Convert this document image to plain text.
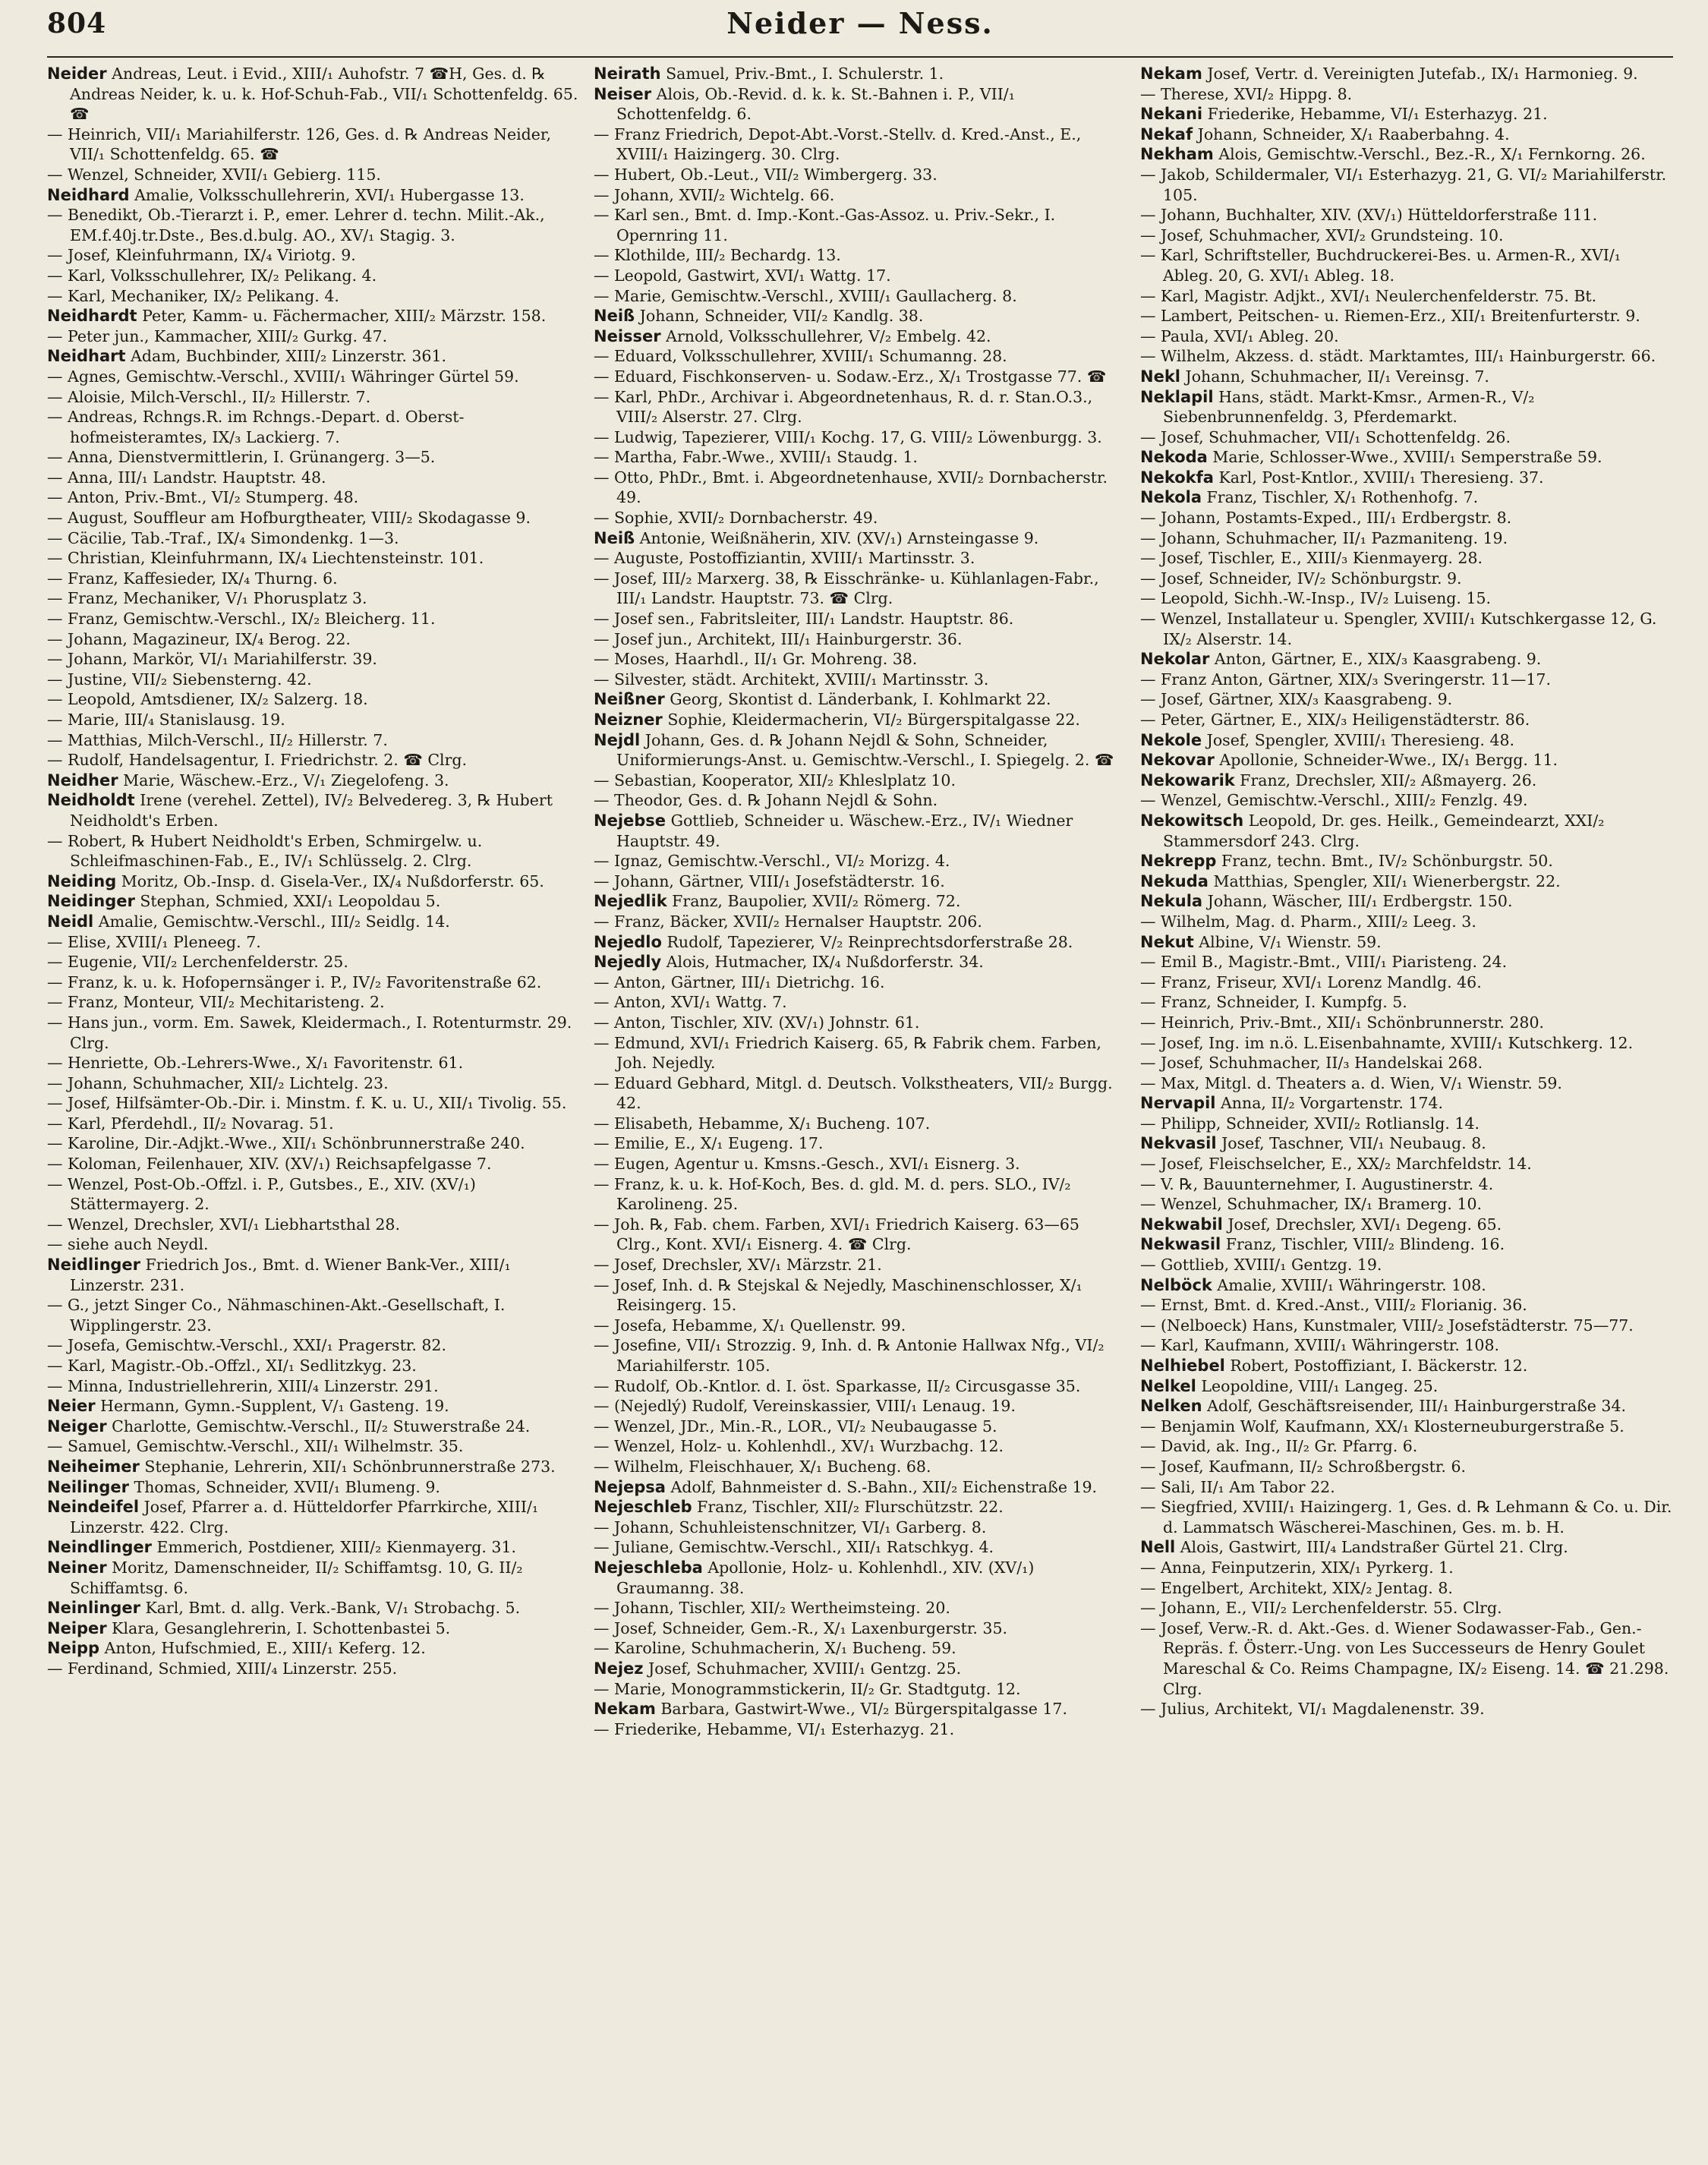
804	Neider — Ness.

Neider Andreas, Leut. i Evid., XIII/₁ Auhofstr. 7 ☎H, Ges. d. ℞ Andreas Neider, k. u. k. Hof-Schuh-Fab., VII/₁ Schottenfeldg. 65. ☎

— Heinrich, VII/₁ Mariahilferstr. 126, Ges. d. ℞ Andreas Neider, VII/₁ Schottenfeldg. 65. ☎

— Wenzel, Schneider, XVII/₁ Gebierg. 115.

Neidhard Amalie, Volksschullehrerin, XVI/₁ Hubergasse 13.

— Benedikt, Ob.-Tierarzt i. P., emer. Lehrer d. techn. Milit.-Ak., EM.f.40j.tr.Dste., Bes.d.bulg. AO., XV/₁ Stagig. 3.

— Josef, Kleinfuhrmann, IX/₄ Viriotg. 9.

— Karl, Volksschullehrer, IX/₂ Pelikang. 4.

— Karl, Mechaniker, IX/₂ Pelikang. 4.

Neidhardt Peter, Kamm- u. Fächermacher, XIII/₂ Märzstr. 158.

— Peter jun., Kammacher, XIII/₂ Gurkg. 47.

Neidhart Adam, Buchbinder, XIII/₂ Linzerstr. 361.

— Agnes, Gemischtw.-Verschl., XVIII/₁ Währinger Gürtel 59.

— Aloisie, Milch-Verschl., II/₂ Hillerstr. 7.

— Andreas, Rchngs.R. im Rchngs.-Depart. d. Oberst-hofmeisteramtes, IX/₃ Lackierg. 7.

— Anna, Dienstvermittlerin, I. Grünangerg. 3—5.

— Anna, III/₁ Landstr. Hauptstr. 48.

— Anton, Priv.-Bmt., VI/₂ Stumperg. 48.

— August, Souffleur am Hofburgtheater, VIII/₂ Skodagasse 9.

— Cäcilie, Tab.-Traf., IX/₄ Simondenkg. 1—3.

— Christian, Kleinfuhrmann, IX/₄ Liechtensteinstr. 101.

— Franz, Kaffesieder, IX/₄ Thurng. 6.

— Franz, Mechaniker, V/₁ Phorusplatz 3.

— Franz, Gemischtw.-Verschl., IX/₂ Bleicherg. 11.

— Johann, Magazineur, IX/₄ Berog. 22.

— Johann, Markör, VI/₁ Mariahilferstr. 39.

— Justine, VII/₂ Siebensterng. 42.

— Leopold, Amtsdiener, IX/₂ Salzerg. 18.

— Marie, III/₄ Stanislausg. 19.

— Matthias, Milch-Verschl., II/₂ Hillerstr. 7.

— Rudolf, Handelsagentur, I. Friedrichstr. 2. ☎ Clrg.

Neidher Marie, Wäschew.-Erz., V/₁ Ziegelofeng. 3.

Neidholdt Irene (verehel. Zettel), IV/₂ Belvedereg. 3, ℞ Hubert Neidholdt's Erben.

— Robert, ℞ Hubert Neidholdt's Erben, Schmirgelw. u. Schleifmaschinen-Fab., E., IV/₁ Schlüsselg. 2. Clrg.

Neiding Moritz, Ob.-Insp. d. Gisela-Ver., IX/₄ Nußdorferstr. 65.

Neidinger Stephan, Schmied, XXI/₁ Leopoldau 5.

Neidl Amalie, Gemischtw.-Verschl., III/₂ Seidlg. 14.

— Elise, XVIII/₁ Pleneeg. 7.

— Eugenie, VII/₂ Lerchenfelderstr. 25.

— Franz, k. u. k. Hofopernsänger i. P., IV/₂ Favoritenstraße 62.

— Franz, Monteur, VII/₂ Mechitaristeng. 2.

— Hans jun., vorm. Em. Sawek, Kleidermach., I. Rotenturmstr. 29. Clrg.

— Henriette, Ob.-Lehrers-Wwe., X/₁ Favoritenstr. 61.

— Johann, Schuhmacher, XII/₂ Lichtelg. 23.

— Josef, Hilfsämter-Ob.-Dir. i. Minstm. f. K. u. U., XII/₁ Tivolig. 55.

— Karl, Pferdehdl., II/₂ Novarag. 51.

— Karoline, Dir.-Adjkt.-Wwe., XII/₁ Schönbrunnerstraße 240.

— Koloman, Feilenhauer, XIV. (XV/₁) Reichsapfelgasse 7.

— Wenzel, Post-Ob.-Offzl. i. P., Gutsbes., E., XIV. (XV/₁) Stättermayerg. 2.

— Wenzel, Drechsler, XVI/₁ Liebhartsthal 28.

— siehe auch Neydl.

Neidlinger Friedrich Jos., Bmt. d. Wiener Bank-Ver., XIII/₁ Linzerstr. 231.

— G., jetzt Singer Co., Nähmaschinen-Akt.-Gesellschaft, I. Wipplingerstr. 23.

— Josefa, Gemischtw.-Verschl., XXI/₁ Pragerstr. 82.

— Karl, Magistr.-Ob.-Offzl., XI/₁ Sedlitzkyg. 23.

— Minna, Industriellehrerin, XIII/₄ Linzerstr. 291.

Neier Hermann, Gymn.-Supplent, V/₁ Gasteng. 19.

Neiger Charlotte, Gemischtw.-Verschl., II/₂ Stuwerstraße 24.

— Samuel, Gemischtw.-Verschl., XII/₁ Wilhelmstr. 35.

Neiheimer Stephanie, Lehrerin, XII/₁ Schönbrunnerstraße 273.

Neilinger Thomas, Schneider, XVII/₁ Blumeng. 9.

Neindeifel Josef, Pfarrer a. d. Hütteldorfer Pfarrkirche, XIII/₁ Linzerstr. 422. Clrg.

Neindlinger Emmerich, Postdiener, XIII/₂ Kienmayerg. 31.

Neiner Moritz, Damenschneider, II/₂ Schiffamtsg. 10, G. II/₂ Schiffamtsg. 6.

Neinlinger Karl, Bmt. d. allg. Verk.-Bank, V/₁ Strobachg. 5.

Neiper Klara, Gesanglehrerin, I. Schottenbastei 5.

Neipp Anton, Hufschmied, E., XIII/₁ Keferg. 12.

— Ferdinand, Schmied, XIII/₄ Linzerstr. 255.

Neirath Samuel, Priv.-Bmt., I. Schulerstr. 1.

Neiser Alois, Ob.-Revid. d. k. k. St.-Bahnen i. P., VII/₁ Schottenfeldg. 6.

— Franz Friedrich, Depot-Abt.-Vorst.-Stellv. d. Kred.-Anst., E., XVIII/₁ Haizingerg. 30. Clrg.

— Hubert, Ob.-Leut., VII/₂ Wimbergerg. 33.

— Johann, XVII/₂ Wichtelg. 66.

— Karl sen., Bmt. d. Imp.-Kont.-Gas-Assoz. u. Priv.-Sekr., I. Opernring 11.

— Klothilde, III/₂ Bechardg. 13.

— Leopold, Gastwirt, XVI/₁ Wattg. 17.

— Marie, Gemischtw.-Verschl., XVIII/₁ Gaullacherg. 8.

Neiß Johann, Schneider, VII/₂ Kandlg. 38.

Neisser Arnold, Volksschullehrer, V/₂ Embelg. 42.

— Eduard, Volksschullehrer, XVIII/₁ Schumanng. 28.

— Eduard, Fischkonserven- u. Sodaw.-Erz., X/₁ Trostgasse 77. ☎

— Karl, PhDr., Archivar i. Abgeordnetenhaus, R. d. r. Stan.O.3., VIII/₂ Alserstr. 27. Clrg.

— Ludwig, Tapezierer, VIII/₁ Kochg. 17, G. VIII/₂ Löwenburgg. 3.

— Martha, Fabr.-Wwe., XVIII/₁ Staudg. 1.

— Otto, PhDr., Bmt. i. Abgeordnetenhause, XVII/₂ Dornbacherstr. 49.

— Sophie, XVII/₂ Dornbacherstr. 49.

Neiß Antonie, Weißnäherin, XIV. (XV/₁) Arnsteingasse 9.

— Auguste, Postoffiziantin, XVIII/₁ Martinsstr. 3.

— Josef, III/₂ Marxerg. 38, ℞ Eisschränke- u. Kühlanlagen-Fabr., III/₁ Landstr. Hauptstr. 73. ☎ Clrg.

— Josef sen., Fabritsleiter, III/₁ Landstr. Hauptstr. 86.

— Josef jun., Architekt, III/₁ Hainburgerstr. 36.

— Moses, Haarhdl., II/₁ Gr. Mohreng. 38.

— Silvester, städt. Architekt, XVIII/₁ Martinsstr. 3.

Neißner Georg, Skontist d. Länderbank, I. Kohlmarkt 22.

Neizner Sophie, Kleidermacherin, VI/₂ Bürgerspitalgasse 22.

Nejdl Johann, Ges. d. ℞ Johann Nejdl & Sohn, Schneider, Uniformierungs-Anst. u. Gemischtw.-Verschl., I. Spiegelg. 2. ☎

— Sebastian, Kooperator, XII/₂ Khleslplatz 10.

— Theodor, Ges. d. ℞ Johann Nejdl & Sohn.

Nejebse Gottlieb, Schneider u. Wäschew.-Erz., IV/₁ Wiedner Hauptstr. 49.

— Ignaz, Gemischtw.-Verschl., VI/₂ Morizg. 4.

— Johann, Gärtner, VIII/₁ Josefstädterstr. 16.

Nejedlik Franz, Baupolier, XVII/₂ Römerg. 72.

— Franz, Bäcker, XVII/₂ Hernalser Hauptstr. 206.

Nejedlo Rudolf, Tapezierer, V/₂ Reinprechtsdorferstraße 28.

Nejedly Alois, Hutmacher, IX/₄ Nußdorferstr. 34.

— Anton, Gärtner, III/₁ Dietrichg. 16.

— Anton, XVI/₁ Wattg. 7.

— Anton, Tischler, XIV. (XV/₁) Johnstr. 61.

— Edmund, XVI/₁ Friedrich Kaiserg. 65, ℞ Fabrik chem. Farben, Joh. Nejedly.

— Eduard Gebhard, Mitgl. d. Deutsch. Volkstheaters, VII/₂ Burgg. 42.

— Elisabeth, Hebamme, X/₁ Bucheng. 107.

— Emilie, E., X/₁ Eugeng. 17.

— Eugen, Agentur u. Kmsns.-Gesch., XVI/₁ Eisnerg. 3.

— Franz, k. u. k. Hof-Koch, Bes. d. gld. M. d. pers. SLO., IV/₂ Karolineng. 25.

— Joh. ℞, Fab. chem. Farben, XVI/₁ Friedrich Kaiserg. 63—65 Clrg., Kont. XVI/₁ Eisnerg. 4. ☎ Clrg.

— Josef, Drechsler, XV/₁ Märzstr. 21.

— Josef, Inh. d. ℞ Stejskal & Nejedly, Maschinenschlosser, X/₁ Reisingerg. 15.

— Josefa, Hebamme, X/₁ Quellenstr. 99.

— Josefine, VII/₁ Strozzig. 9, Inh. d. ℞ Antonie Hallwax Nfg., VI/₂ Mariahilferstr. 105.

— Rudolf, Ob.-Kntlor. d. I. öst. Sparkasse, II/₂ Circusgasse 35.

— (Nejedlý) Rudolf, Vereinskassier, VIII/₁ Lenaug. 19.

— Wenzel, JDr., Min.-R., LOR., VI/₂ Neubaugasse 5.

— Wenzel, Holz- u. Kohlenhdl., XV/₁ Wurzbachg. 12.

— Wilhelm, Fleischhauer, X/₁ Bucheng. 68.

Nejepsa Adolf, Bahnmeister d. S.-Bahn., XII/₂ Eichenstraße 19.

Nejeschleb Franz, Tischler, XII/₂ Flurschützstr. 22.

— Johann, Schuhleistenschnitzer, VI/₁ Garberg. 8.

— Juliane, Gemischtw.-Verschl., XII/₁ Ratschkyg. 4.

Nejeschleba Apollonie, Holz- u. Kohlenhdl., XIV. (XV/₁) Graumanng. 38.

— Johann, Tischler, XII/₂ Wertheimsteing. 20.

— Josef, Schneider, Gem.-R., X/₁ Laxenburgerstr. 35.

— Karoline, Schuhmacherin, X/₁ Bucheng. 59.

Nejez Josef, Schuhmacher, XVIII/₁ Gentzg. 25.

— Marie, Monogrammstickerin, II/₂ Gr. Stadtgutg. 12.

Nekam Barbara, Gastwirt-Wwe., VI/₂ Bürgerspitalgasse 17.

— Friederike, Hebamme, VI/₁ Esterhazyg. 21.

Nekam Josef, Vertr. d. Vereinigten Jutefab., IX/₁ Harmonieg. 9.

— Therese, XVI/₂ Hippg. 8.

Nekani Friederike, Hebamme, VI/₁ Esterhazyg. 21.

Nekaf Johann, Schneider, X/₁ Raaberbahng. 4.

Nekham Alois, Gemischtw.-Verschl., Bez.-R., X/₁ Fernkorng. 26.

— Jakob, Schildermaler, VI/₁ Esterhazyg. 21, G. VI/₂ Mariahilferstr. 105.

— Johann, Buchhalter, XIV. (XV/₁) Hütteldorferstraße 111.

— Josef, Schuhmacher, XVI/₂ Grundsteing. 10.

— Karl, Schriftsteller, Buchdruckerei-Bes. u. Armen-R., XVI/₁ Ableg. 20, G. XVI/₁ Ableg. 18.

— Karl, Magistr. Adjkt., XVI/₁ Neulerchenfelderstr. 75. Bt.

— Lambert, Peitschen- u. Riemen-Erz., XII/₁ Breitenfurterstr. 9.

— Paula, XVI/₁ Ableg. 20.

— Wilhelm, Akzess. d. städt. Marktamtes, III/₁ Hainburgerstr. 66.

Nekl Johann, Schuhmacher, II/₁ Vereinsg. 7.

Neklapil Hans, städt. Markt-Kmsr., Armen-R., V/₂ Siebenbrunnenfeldg. 3, Pferdemarkt.

— Josef, Schuhmacher, VII/₁ Schottenfeldg. 26.

Nekoda Marie, Schlosser-Wwe., XVIII/₁ Semperstraße 59.

Nekokfa Karl, Post-Kntlor., XVIII/₁ Theresieng. 37.

Nekola Franz, Tischler, X/₁ Rothenhofg. 7.

— Johann, Postamts-Exped., III/₁ Erdbergstr. 8.

— Johann, Schuhmacher, II/₁ Pazmaniteng. 19.

— Josef, Tischler, E., XIII/₃ Kienmayerg. 28.

— Josef, Schneider, IV/₂ Schönburgstr. 9.

— Leopold, Sichh.-W.-Insp., IV/₂ Luiseng. 15.

— Wenzel, Installateur u. Spengler, XVIII/₁ Kutschkergasse 12, G. IX/₂ Alserstr. 14.

Nekolar Anton, Gärtner, E., XIX/₃ Kaasgrabeng. 9.

— Franz Anton, Gärtner, XIX/₃ Sveringerstr. 11—17.

— Josef, Gärtner, XIX/₃ Kaasgrabeng. 9.

— Peter, Gärtner, E., XIX/₃ Heiligenstädterstr. 86.

Nekole Josef, Spengler, XVIII/₁ Theresieng. 48.

Nekovar Apollonie, Schneider-Wwe., IX/₁ Bergg. 11.

Nekowarik Franz, Drechsler, XII/₂ Aßmayerg. 26.

— Wenzel, Gemischtw.-Verschl., XIII/₂ Fenzlg. 49.

Nekowitsch Leopold, Dr. ges. Heilk., Gemeindearzt, XXI/₂ Stammersdorf 243. Clrg.

Nekrepp Franz, techn. Bmt., IV/₂ Schönburgstr. 50.

Nekuda Matthias, Spengler, XII/₁ Wienerbergstr. 22.

Nekula Johann, Wäscher, III/₁ Erdbergstr. 150.

— Wilhelm, Mag. d. Pharm., XIII/₂ Leeg. 3.

Nekut Albine, V/₁ Wienstr. 59.

— Emil B., Magistr.-Bmt., VIII/₁ Piaristeng. 24.

— Franz, Friseur, XVI/₁ Lorenz Mandlg. 46.

— Franz, Schneider, I. Kumpfg. 5.

— Heinrich, Priv.-Bmt., XII/₁ Schönbrunnerstr. 280.

— Josef, Ing. im n.ö. L.Eisenbahnamte, XVIII/₁ Kutschkerg. 12.

— Josef, Schuhmacher, II/₃ Handelskai 268.

— Max, Mitgl. d. Theaters a. d. Wien, V/₁ Wienstr. 59.

Nervapil Anna, II/₂ Vorgartenstr. 174.

— Philipp, Schneider, XVII/₂ Rotlianslg. 14.

Nekvasil Josef, Taschner, VII/₁ Neubaug. 8.

— Josef, Fleischselcher, E., XX/₂ Marchfeldstr. 14.

— V. ℞, Bauunternehmer, I. Augustinerstr. 4.

— Wenzel, Schuhmacher, IX/₁ Bramerg. 10.

Nekwabil Josef, Drechsler, XVI/₁ Degeng. 65.

Nekwasil Franz, Tischler, VIII/₂ Blindeng. 16.

— Gottlieb, XVIII/₁ Gentzg. 19.

Nelböck Amalie, XVIII/₁ Währingerstr. 108.

— Ernst, Bmt. d. Kred.-Anst., VIII/₂ Florianig. 36.

— (Nelboeck) Hans, Kunstmaler, VIII/₂ Josefstädterstr. 75—77.

— Karl, Kaufmann, XVIII/₁ Währingerstr. 108.

Nelhiebel Robert, Postoffiziant, I. Bäckerstr. 12.

Nelkel Leopoldine, VIII/₁ Langeg. 25.

Nelken Adolf, Geschäftsreisender, III/₁ Hainburgerstraße 34.

— Benjamin Wolf, Kaufmann, XX/₁ Klosterneuburgerstraße 5.

— David, ak. Ing., II/₂ Gr. Pfarrg. 6.

— Josef, Kaufmann, II/₂ Schroßbergstr. 6.

— Sali, II/₁ Am Tabor 22.

— Siegfried, XVIII/₁ Haizingerg. 1, Ges. d. ℞ Lehmann & Co. u. Dir. d. Lammatsch Wäscherei-Maschinen, Ges. m. b. H.

Nell Alois, Gastwirt, III/₄ Landstraßer Gürtel 21. Clrg.

— Anna, Feinputzerin, XIX/₁ Pyrkerg. 1.

— Engelbert, Architekt, XIX/₂ Jentag. 8.

— Johann, E., VII/₂ Lerchenfelderstr. 55. Clrg.

— Josef, Verw.-R. d. Akt.-Ges. d. Wiener Sodawasser-Fab., Gen.-Repräs. f. Österr.-Ung. von Les Successeurs de Henry Goulet Mareschal & Co. Reims Champagne, IX/₂ Eiseng. 14. ☎ 21.298. Clrg.

— Julius, Architekt, VI/₁ Magdalenenstr. 39.
